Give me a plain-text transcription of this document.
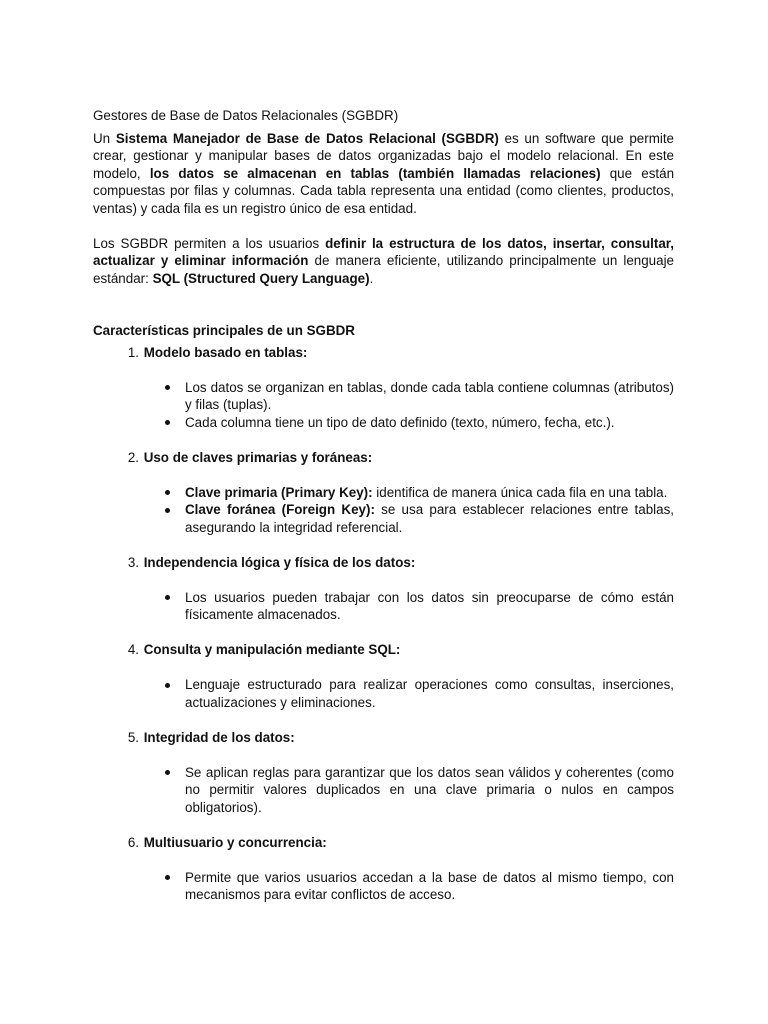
Gestores de Base de Datos Relacionales (SGBDR)

Un Sistema Manejador de Base de Datos Relacional (SGBDR) es un software que permite crear, gestionar y manipular bases de datos organizadas bajo el modelo relacional. En este modelo, los datos se almacenan en tablas (también llamadas relaciones) que están compuestas por filas y columnas. Cada tabla representa una entidad (como clientes, productos, ventas) y cada fila es un registro único de esa entidad.

Los SGBDR permiten a los usuarios definir la estructura de los datos, insertar, consultar, actualizar y eliminar información de manera eficiente, utilizando principalmente un lenguaje estándar: SQL (Structured Query Language).

Características principales de un SGBDR
1. Modelo basado en tablas:
Los datos se organizan en tablas, donde cada tabla contiene columnas (atributos) y filas (tuplas).
Cada columna tiene un tipo de dato definido (texto, número, fecha, etc.).
2. Uso de claves primarias y foráneas:
Clave primaria (Primary Key): identifica de manera única cada fila en una tabla.
Clave foránea (Foreign Key): se usa para establecer relaciones entre tablas, asegurando la integridad referencial.
3. Independencia lógica y física de los datos:
Los usuarios pueden trabajar con los datos sin preocuparse de cómo están físicamente almacenados.
4. Consulta y manipulación mediante SQL:
Lenguaje estructurado para realizar operaciones como consultas, inserciones, actualizaciones y eliminaciones.
5. Integridad de los datos:
Se aplican reglas para garantizar que los datos sean válidos y coherentes (como no permitir valores duplicados en una clave primaria o nulos en campos obligatorios).
6. Multiusuario y concurrencia:
Permite que varios usuarios accedan a la base de datos al mismo tiempo, con mecanismos para evitar conflictos de acceso.
